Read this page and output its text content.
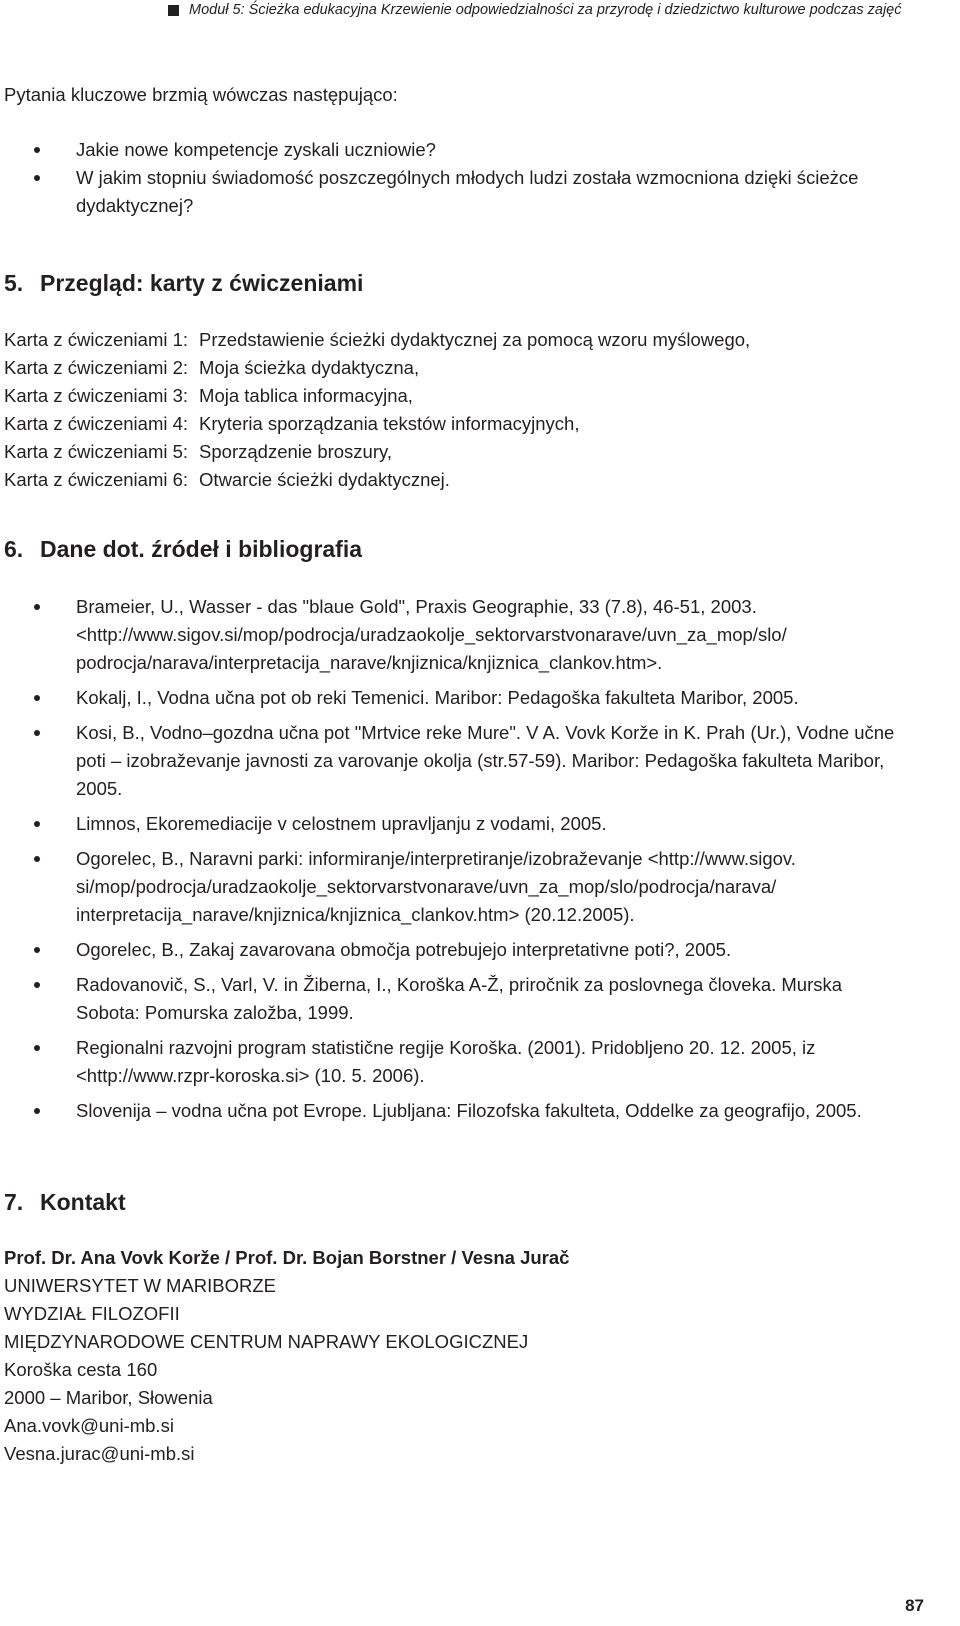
Moduł 5: Ścieżka edukacyjna Krzewienie odpowiedzialności za przyrodę i dziedzictwo kulturowe podczas zajęć

Pytania kluczowe brzmią wówczas następująco:

Jakie nowe kompetencje zyskali uczniowie?
W jakim stopniu świadomość poszczególnych młodych ludzi została wzmocniona dzięki ścieżce dydaktycznej?
5. Przegląd: karty z ćwiczeniami
Karta z ćwiczeniami 1:	Przedstawienie ścieżki dydaktycznej za pomocą wzoru myślowego,
Karta z ćwiczeniami 2:	Moja ścieżka dydaktyczna,
Karta z ćwiczeniami 3:	Moja tablica informacyjna,
Karta z ćwiczeniami 4:	Kryteria sporządzania tekstów informacyjnych,
Karta z ćwiczeniami 5:	Sporządzenie broszury,
Karta z ćwiczeniami 6:	Otwarcie ścieżki dydaktycznej.
6. Dane dot. źródeł i bibliografia
Brameier, U., Wasser - das "blaue Gold", Praxis Geographie, 33 (7.8), 46-51, 2003. <http://www.sigov.si/mop/podrocja/uradzaokolje_sektorvarstvonarave/uvn_za_mop/slo/ podrocja/narava/interpretacija_narave/knjiznica/knjiznica_clankov.htm>.
Kokalj, I., Vodna učna pot ob reki Temenici. Maribor: Pedagoška fakulteta Maribor, 2005.
Kosi, B., Vodno–gozdna učna pot "Mrtvice reke Mure". V A. Vovk Korže in K. Prah (Ur.), Vodne učne poti – izobraževanje javnosti za varovanje okolja (str.57-59). Maribor: Pedagoška fakulteta Maribor, 2005.
Limnos, Ekoremediacije v celostnem upravljanju z vodami, 2005.
Ogorelec, B., Naravni parki: informiranje/interpretiranje/izobraževanje <http://www.sigov. si/mop/podrocja/uradzaokolje_sektorvarstvonarave/uvn_za_mop/slo/podrocja/narava/ interpretacija_narave/knjiznica/knjiznica_clankov.htm> (20.12.2005).
Ogorelec, B., Zakaj zavarovana območja potrebujejo interpretativne poti?, 2005.
Radovanovič, S., Varl, V. in Žiberna, I., Koroška A-Ž, priročnik za poslovnega človeka. Murska Sobota: Pomurska založba, 1999.
Regionalni razvojni program statistične regije Koroška. (2001). Pridobljeno 20. 12. 2005, iz <http://www.rzpr-koroska.si> (10. 5. 2006).
Slovenija – vodna učna pot Evrope. Ljubljana: Filozofska fakulteta, Oddelke za geografijo, 2005.
7. Kontakt
Prof. Dr. Ana Vovk Korže / Prof. Dr. Bojan Borstner / Vesna Jurač
UNIWERSYTET W MARIBORZE
WYDZIAŁ FILOZOFII
MIĘDZYNARODOWE CENTRUM NAPRAWY EKOLOGICZNEJ
Koroška cesta 160
2000 – Maribor, Słowenia
Ana.vovk@uni-mb.si
Vesna.jurac@uni-mb.si
87
